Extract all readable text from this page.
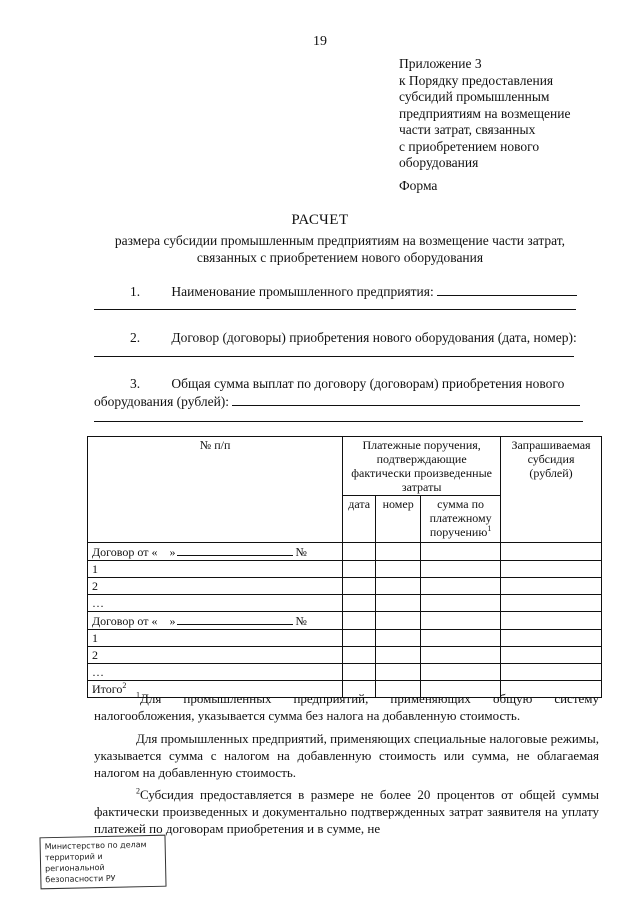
19
Приложение 3
к Порядку предоставления
субсидий промышленным
предприятиям на возмещение
части затрат, связанных
с приобретением нового
оборудования
Форма
РАСЧЕТ
размера субсидии промышленным предприятиям на возмещение части затрат,
связанных с приобретением нового оборудования
1. Наименование промышленного предприятия:
2. Договор (договоры) приобретения нового оборудования (дата, номер):
3. Общая сумма выплат по договору (договорам) приобретения нового
оборудования (рублей):
№ п/п	Платежные поручения, подтверждающие фактически произведенные затраты			Запрашиваемая субсидия (рублей)
	дата	номер	сумма по платежному поручению$^1$
Договор от « » №				
1				
2				
…				
Договор от « » №				
1				
2				
…				
Итого$^2$				
$^1$Для промышленных предприятий, применяющих общую систему налогообложения, указывается сумма без налога на добавленную стоимость.
Для промышленных предприятий, применяющих специальные налоговые режимы, указывается сумма с налогом на добавленную стоимость или сумма, не облагаемая налогом на добавленную стоимость.
$^2$Субсидия предоставляется в размере не более 20 процентов от общей суммы фактически произведенных и документально подтвержденных затрат заявителя на уплату платежей по договорам приобретения и в сумме, не
Министерство по делам
территорий и региональной
безопасности РУ
